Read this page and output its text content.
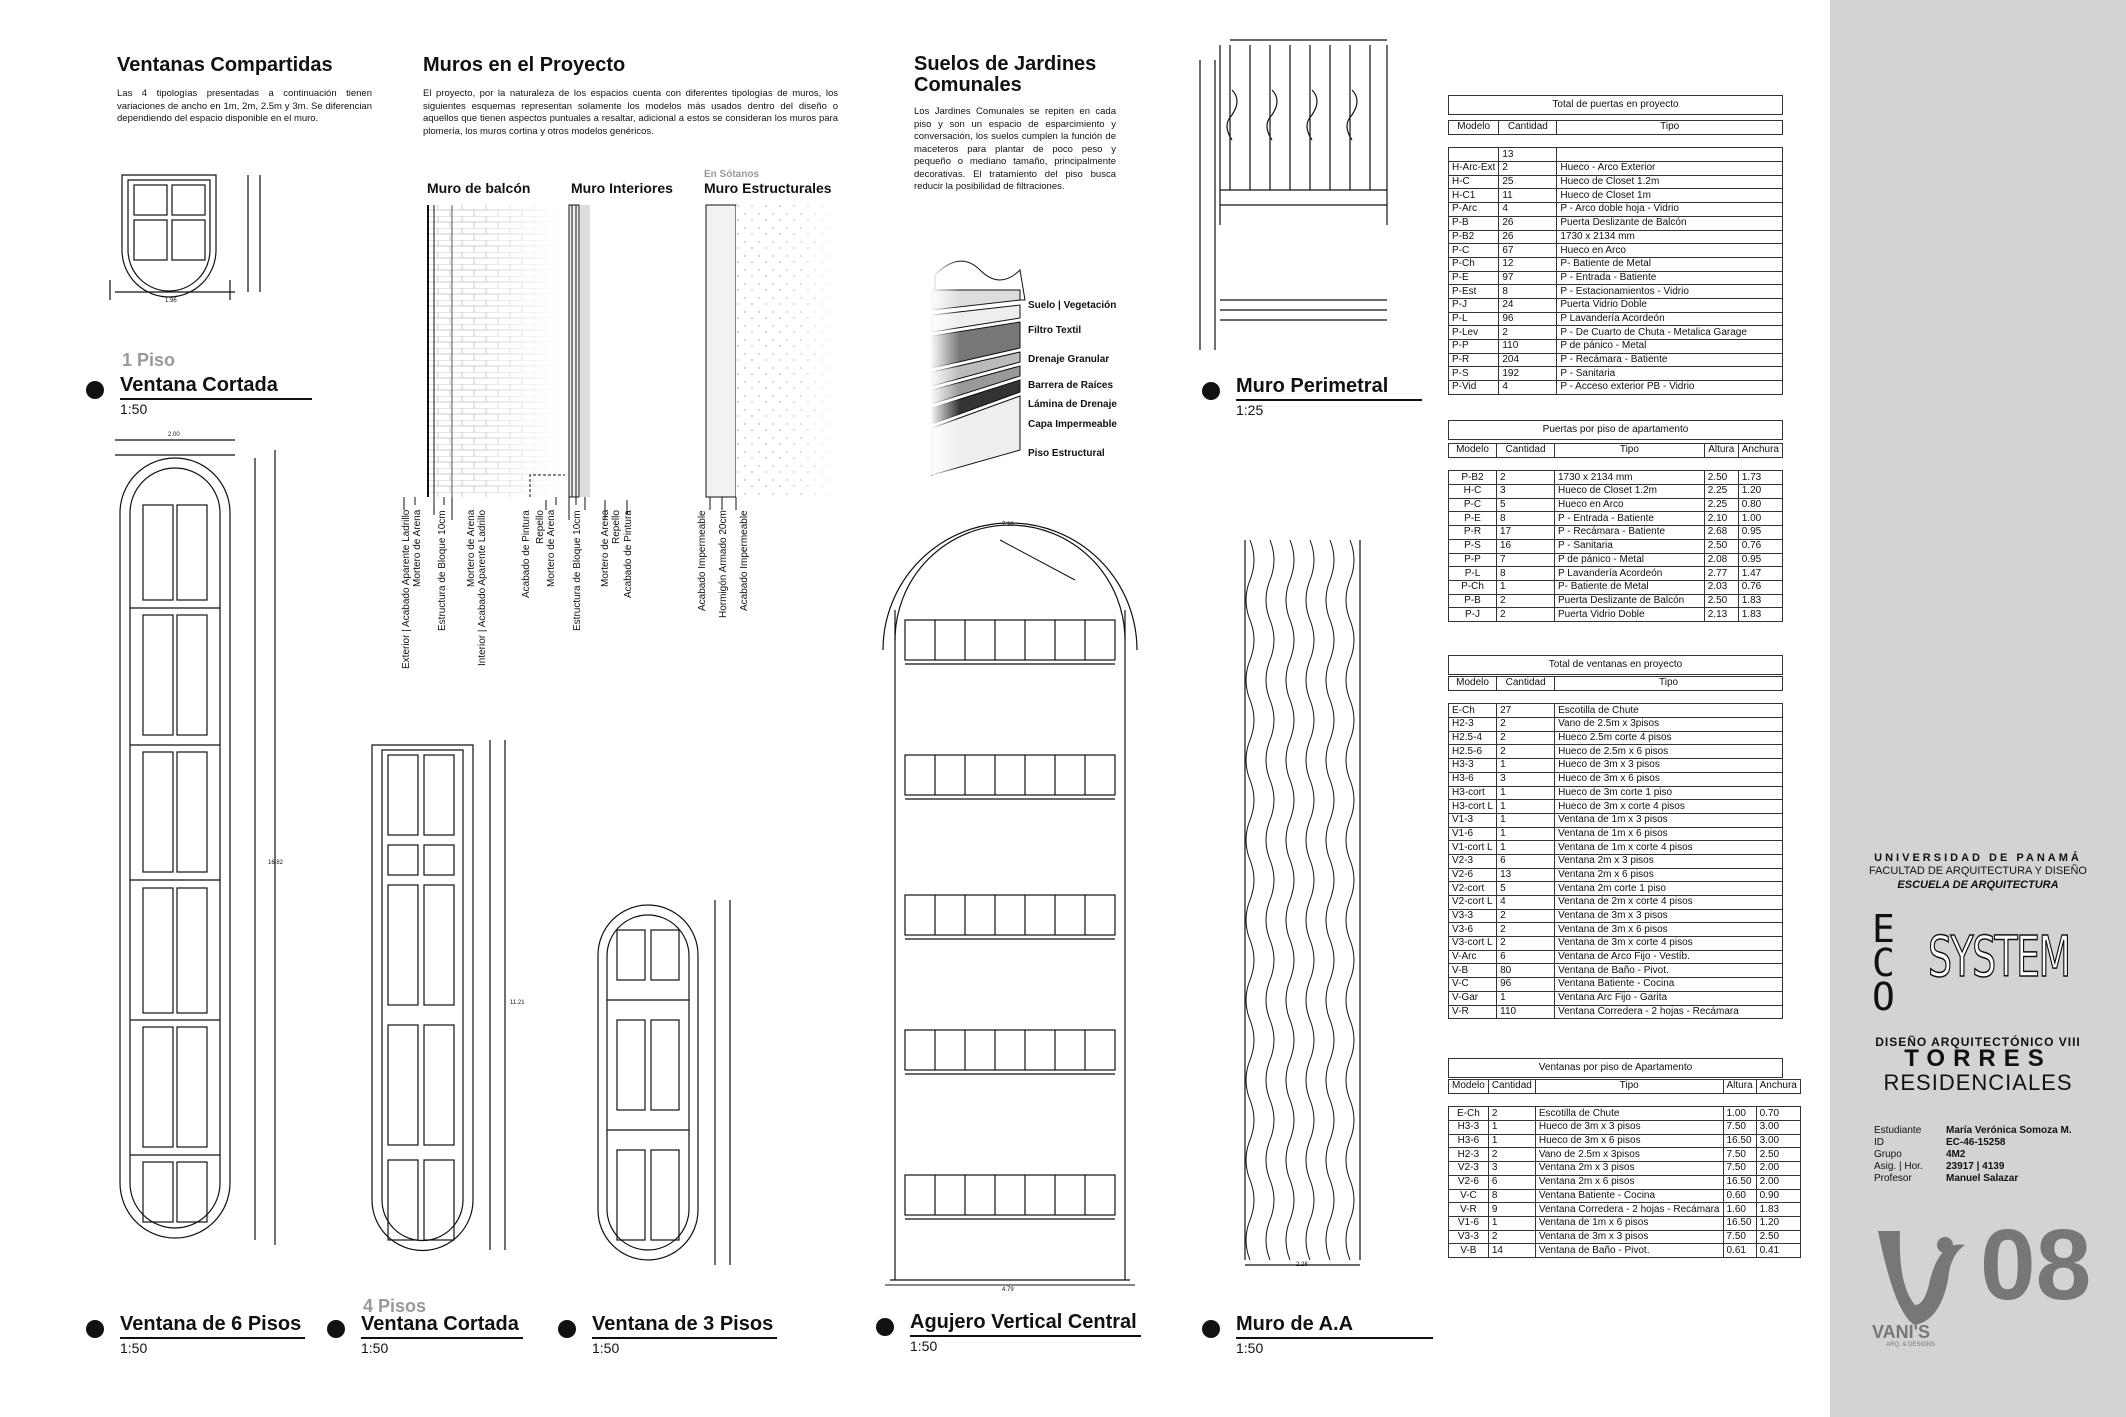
Ventanas Compartidas
Las 4 tipologías presentadas a continuación tienen variaciones de ancho en 1m, 2m, 2.5m y 3m. Se diferencian dependiendo del espacio disponible en el muro.
Muros en el Proyecto
El proyecto, por la naturaleza de los espacios cuenta con diferentes tipologías de muros, los siguientes esquemas representan solamente los modelos más usados dentro del diseño o aquellos que tienen aspectos puntuales a resaltar, adicional a estos se consideran los muros para plomería, los muros cortina y otros modelos genéricos.
Suelos de Jardines Comunales
Los Jardines Comunales se repiten en cada piso y son un espacio de esparcimiento y conversación, los suelos cumplen la función de maceteros para plantar de poco peso y pequeño o mediano tamaño, principalmente decorativas. El tratamiento del piso busca reducir la posibilidad de filtraciones.
Muro de balcón	Muro Interiores
En Sótanos
Muro Estructurales
Exterior | Acabado Aparente Ladrillo Mortero de Arena Estructura de Bloque 10cm Mortero de Arena Interior | Acabado Aparente Ladrillo	Acabado de Pintura Repello Mortero de Arena Estructura de Bloque 10cm Mortero de Arena Repello Acabado de Pintura	Acabado Impermeable Hormigón Armado 20cm Acabado Impermeable
Suelo | Vegetación
Filtro Textil
Drenaje Granular
Barrera de Raíces
Lámina de Drenaje
Capa Impermeable
Piso Estructural
1.96
2.00
16.82
11.21
7.36
4.79
2.28
1 Piso
Ventana Cortada
1:50
Muro Perimetral
1:25
Ventana de 6 Pisos
1:50
4 Pisos
Ventana Cortada
1:50
Ventana de 3 Pisos
1:50
Agujero Vertical Central
1:50
Muro de A.A
1:50
Total de puertas en proyecto
Modelo	Cantidad	Tipo

	13	
H-Arc-Ext	2	Hueco - Arco Exterior
H-C	25	Hueco de Closet 1.2m
H-C1	11	Hueco de Closet 1m
P-Arc	4	P - Arco doble hoja - Vidrio
P-B	26	Puerta Deslizante de Balcón
P-B2	26	1730 x 2134 mm
P-C	67	Hueco en Arco
P-Ch	12	P- Batiente de Metal
P-E	97	P - Entrada - Batiente
P-Est	8	P - Estacionamientos - Vidrio
P-J	24	Puerta Vidrio Doble
P-L	96	P Lavandería Acordeón
P-Lev	2	P - De Cuarto de Chuta - Metalica Garage
P-P	110	P de pánico - Metal
P-R	204	P - Recámara - Batiente
P-S	192	P - Sanitaria
P-Vid	4	P - Acceso exterior PB - Vidrio
Puertas por piso de apartamento
Modelo	Cantidad	Tipo	Altura	Anchura

P-B2	2	1730 x 2134 mm	2.50	1.73
H-C	3	Hueco de Closet 1.2m	2.25	1.20
P-C	5	Hueco en Arco	2.25	0.80
P-E	8	P - Entrada - Batiente	2.10	1.00
P-R	17	P - Recámara - Batiente	2.68	0.95
P-S	16	P - Sanitaria	2.50	0.76
P-P	7	P de pánico - Metal	2.08	0.95
P-L	8	P Lavandería Acordeón	2.77	1.47
P-Ch	1	P- Batiente de Metal	2.03	0.76
P-B	2	Puerta Deslizante de Balcón	2.50	1.83
P-J	2	Puerta Vidrio Doble	2.13	1.83
Total de ventanas en proyecto
Modelo	Cantidad	Tipo

E-Ch	27	Escotilla de Chute
H2-3	2	Vano de 2.5m x 3pisos
H2.5-4	2	Hueco 2.5m corte 4 pisos
H2.5-6	2	Hueco de 2.5m x 6 pisos
H3-3	1	Hueco de 3m x 3 pisos
H3-6	3	Hueco de 3m x 6 pisos
H3-cort	1	Hueco de 3m corte 1 piso
H3-cort L	1	Hueco de 3m x corte 4 pisos
V1-3	1	Ventana de 1m x 3 pisos
V1-6	1	Ventana de 1m x 6 pisos
V1-cort L	1	Ventana de 1m x corte 4 pisos
V2-3	6	Ventana 2m x 3 pisos
V2-6	13	Ventana 2m x 6 pisos
V2-cort	5	Ventana 2m corte 1 piso
V2-cort L	4	Ventana de 2m x corte 4 pisos
V3-3	2	Ventana de 3m x 3 pisos
V3-6	2	Ventana de 3m x 6 pisos
V3-cort L	2	Ventana de 3m x corte 4 pisos
V-Arc	6	Ventana de Arco Fijo - Vestíb.
V-B	80	Ventana de Baño - Pivot.
V-C	96	Ventana Batiente - Cocina
V-Gar	1	Ventana Arc Fijo - Garita
V-R	110	Ventana Corredera - 2 hojas - Recámara
Ventanas por piso de Apartamento
Modelo	Cantidad	Tipo	Altura	Anchura

E-Ch	2	Escotilla de Chute	1.00	0.70
H3-3	1	Hueco de 3m x 3 pisos	7.50	3.00
H3-6	1	Hueco de 3m x 6 pisos	16.50	3.00
H2-3	2	Vano de 2.5m x 3pisos	7.50	2.50
V2-3	3	Ventana 2m x 3 pisos	7.50	2.00
V2-6	6	Ventana 2m x 6 pisos	16.50	2.00
V-C	8	Ventana Batiente - Cocina	0.60	0.90
V-R	9	Ventana Corredera - 2 hojas - Recámara	1.60	1.83
V1-6	1	Ventana de 1m x 6 pisos	16.50	1.20
V3-3	2	Ventana de 3m x 3 pisos	7.50	2.50
V-B	14	Ventana de Baño - Pivot.	0.61	0.41
UNIVERSIDAD DE PANAMÁ
FACULTAD DE ARQUITECTURA Y DISEÑO
ESCUELA DE ARQUITECTURA
ECO
SYSTEM
DISEÑO ARQUITECTÓNICO VIII
TORRES
RESIDENCIALES
Estudiante	María Verónica Somoza M.
ID	EC-46-15258
Grupo	4M2
Asig. | Hor.	23917 | 4139
Profesor	Manuel Salazar
08
VANI'S
ARQ. & DESIGNS
